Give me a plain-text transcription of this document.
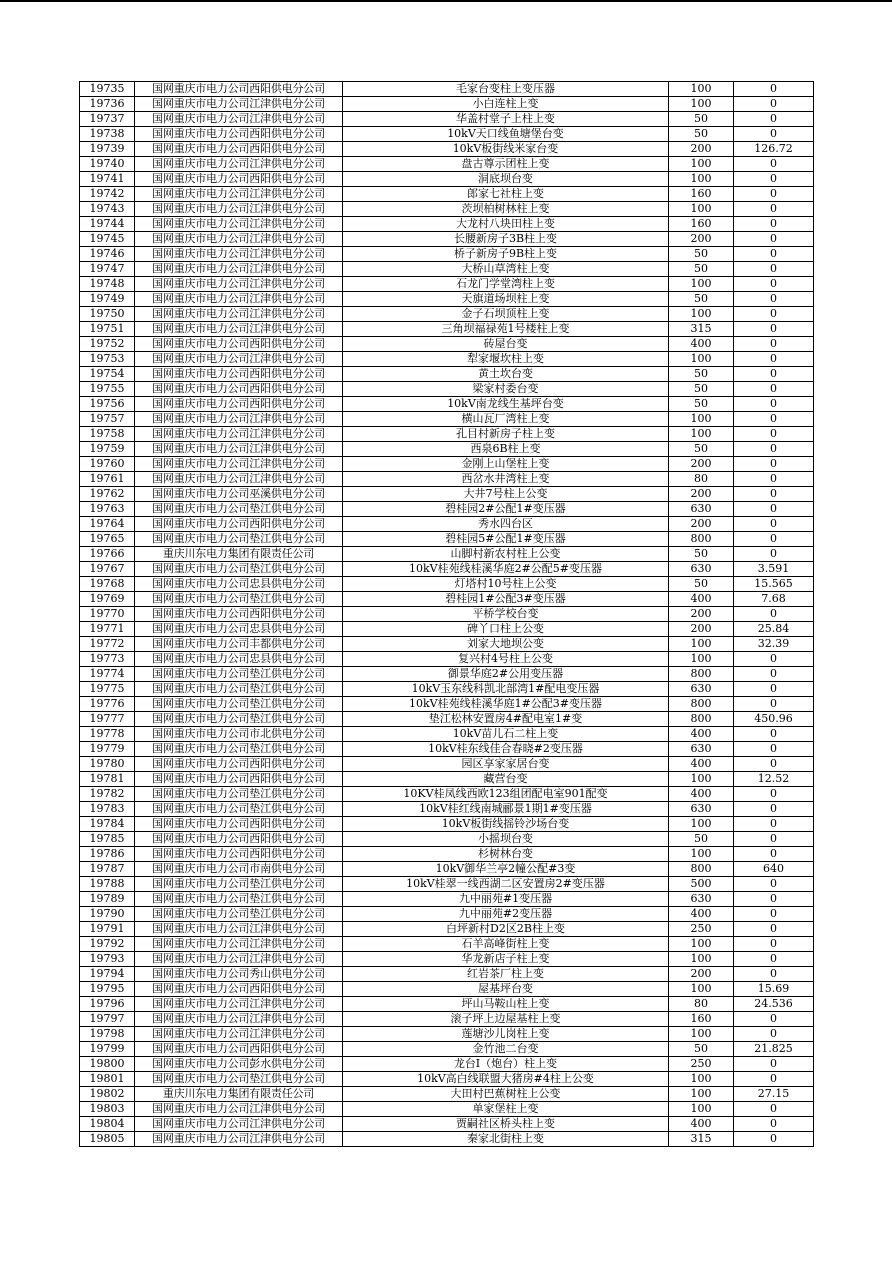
19735	国网重庆市电力公司西阳供电分公司	毛家台变柱上变压器	100	0
19736	国网重庆市电力公司江津供电分公司	小白连柱上变	100	0
19737	国网重庆市电力公司江津供电分公司	华盖村堂子上柱上变	50	0
19738	国网重庆市电力公司西阳供电分公司	10kV天口线鱼塘堡台变	50	0
19739	国网重庆市电力公司西阳供电分公司	10kV板街线米家台变	200	126.72
19740	国网重庆市电力公司江津供电分公司	盘古尊示团柱上变	100	0
19741	国网重庆市电力公司西阳供电分公司	洞底坝台变	100	0
19742	国网重庆市电力公司江津供电分公司	郎家七社柱上变	160	0
19743	国网重庆市电力公司江津供电分公司	茨坝柏树林柱上变	100	0
19744	国网重庆市电力公司江津供电分公司	大龙村八块田柱上变	160	0
19745	国网重庆市电力公司江津供电分公司	长腰新房子3B柱上变	200	0
19746	国网重庆市电力公司江津供电分公司	桥子新房子9B柱上变	50	0
19747	国网重庆市电力公司江津供电分公司	大桥山草湾柱上变	50	0
19748	国网重庆市电力公司江津供电分公司	石龙门学堂湾柱上变	100	0
19749	国网重庆市电力公司江津供电分公司	天旗道场坝柱上变	50	0
19750	国网重庆市电力公司江津供电分公司	金子石坝顶柱上变	100	0
19751	国网重庆市电力公司江津供电分公司	三角坝福禄苑1号楼柱上变	315	0
19752	国网重庆市电力公司西阳供电分公司	砖屋台变	400	0
19753	国网重庆市电力公司江津供电分公司	犁家堰坎柱上变	100	0
19754	国网重庆市电力公司西阳供电分公司	黄土坎台变	50	0
19755	国网重庆市电力公司西阳供电分公司	梁家村委台变	50	0
19756	国网重庆市电力公司西阳供电分公司	10kV南龙线生基坪台变	50	0
19757	国网重庆市电力公司江津供电分公司	横山瓦厂湾柱上变	100	0
19758	国网重庆市电力公司江津供电分公司	孔目村新房子柱上变	100	0
19759	国网重庆市电力公司江津供电分公司	西泉6B柱上变	50	0
19760	国网重庆市电力公司江津供电分公司	金刚上山堡柱上变	200	0
19761	国网重庆市电力公司江津供电分公司	西岔水井湾柱上变	80	0
19762	国网重庆市电力公司巫溪供电分公司	大井7号柱上公变	200	0
19763	国网重庆市电力公司垫江供电分公司	碧桂园2#公配1#变压器	630	0
19764	国网重庆市电力公司西阳供电分公司	秀水四台区	200	0
19765	国网重庆市电力公司垫江供电分公司	碧桂园5#公配1#变压器	800	0
19766	重庆川东电力集团有限责任公司	山脚村新农村柱上公变	50	0
19767	国网重庆市电力公司垫江供电分公司	10kV桂苑线桂溪华庭2#公配5#变压器	630	3.591
19768	国网重庆市电力公司忠县供电分公司	灯塔村10号柱上公变	50	15.565
19769	国网重庆市电力公司垫江供电分公司	碧桂园1#公配3#变压器	400	7.68
19770	国网重庆市电力公司西阳供电分公司	平桥学校台变	200	0
19771	国网重庆市电力公司忠县供电分公司	碑丫口柱上公变	200	25.84
19772	国网重庆市电力公司丰都供电分公司	刘家大地坝公变	100	32.39
19773	国网重庆市电力公司忠县供电分公司	复兴村4号柱上公变	100	0
19774	国网重庆市电力公司垫江供电分公司	御景华庭2#公用变压器	800	0
19775	国网重庆市电力公司垫江供电分公司	10kV玉东线科凯北部湾1#配电变压器	630	0
19776	国网重庆市电力公司垫江供电分公司	10kV桂苑线桂溪华庭1#公配3#变压器	800	0
19777	国网重庆市电力公司垫江供电分公司	垫江松林安置房4#配电室1#变	800	450.96
19778	国网重庆市电力公司市北供电分公司	10kV苗儿石二柱上变	400	0
19779	国网重庆市电力公司垫江供电分公司	10kV桂东线佳合春晓#2变压器	630	0
19780	国网重庆市电力公司西阳供电分公司	园区享家家居台变	400	0
19781	国网重庆市电力公司西阳供电分公司	藏营台变	100	12.52
19782	国网重庆市电力公司垫江供电分公司	10KV桂凤线西欧123组团配电室901配变	400	0
19783	国网重庆市电力公司垫江供电分公司	10kV桂红线南城郦景1期1#变压器	630	0
19784	国网重庆市电力公司西阳供电分公司	10kV板街线摇铃沙场台变	100	0
19785	国网重庆市电力公司西阳供电分公司	小摇坝台变	50	0
19786	国网重庆市电力公司西阳供电分公司	杉树林台变	100	0
19787	国网重庆市电力公司市南供电分公司	10kV御华兰亭2幢公配#3变	800	640
19788	国网重庆市电力公司垫江供电分公司	10kV桂翠一线西湖二区安置房2#变压器	500	0
19789	国网重庆市电力公司垫江供电分公司	九中丽苑#1变压器	630	0
19790	国网重庆市电力公司垫江供电分公司	九中丽苑#2变压器	400	0
19791	国网重庆市电力公司江津供电分公司	白坪新村D2区2B柱上变	250	0
19792	国网重庆市电力公司江津供电分公司	石羊高峰街柱上变	100	0
19793	国网重庆市电力公司江津供电分公司	华龙新店子柱上变	100	0
19794	国网重庆市电力公司秀山供电分公司	红岩茶厂柱上变	200	0
19795	国网重庆市电力公司西阳供电分公司	屋基坪台变	100	15.69
19796	国网重庆市电力公司江津供电分公司	坪山马鞍山柱上变	80	24.536
19797	国网重庆市电力公司江津供电分公司	滚子坪上边屋基柱上变	160	0
19798	国网重庆市电力公司江津供电分公司	莲塘沙儿岗柱上变	100	0
19799	国网重庆市电力公司西阳供电分公司	金竹池二台变	50	21.825
19800	国网重庆市电力公司彭水供电分公司	龙台Ⅰ（炮台）柱上变	250	0
19801	国网重庆市电力公司垫江供电分公司	10kV高白线联盟大猪房#4柱上公变	100	0
19802	重庆川东电力集团有限责任公司	大田村巴蕉树柱上公变	100	27.15
19803	国网重庆市电力公司江津供电分公司	单家堡柱上变	100	0
19804	国网重庆市电力公司江津供电分公司	贾嗣社区桥头柱上变	400	0
19805	国网重庆市电力公司江津供电分公司	秦家北街柱上变	315	0
